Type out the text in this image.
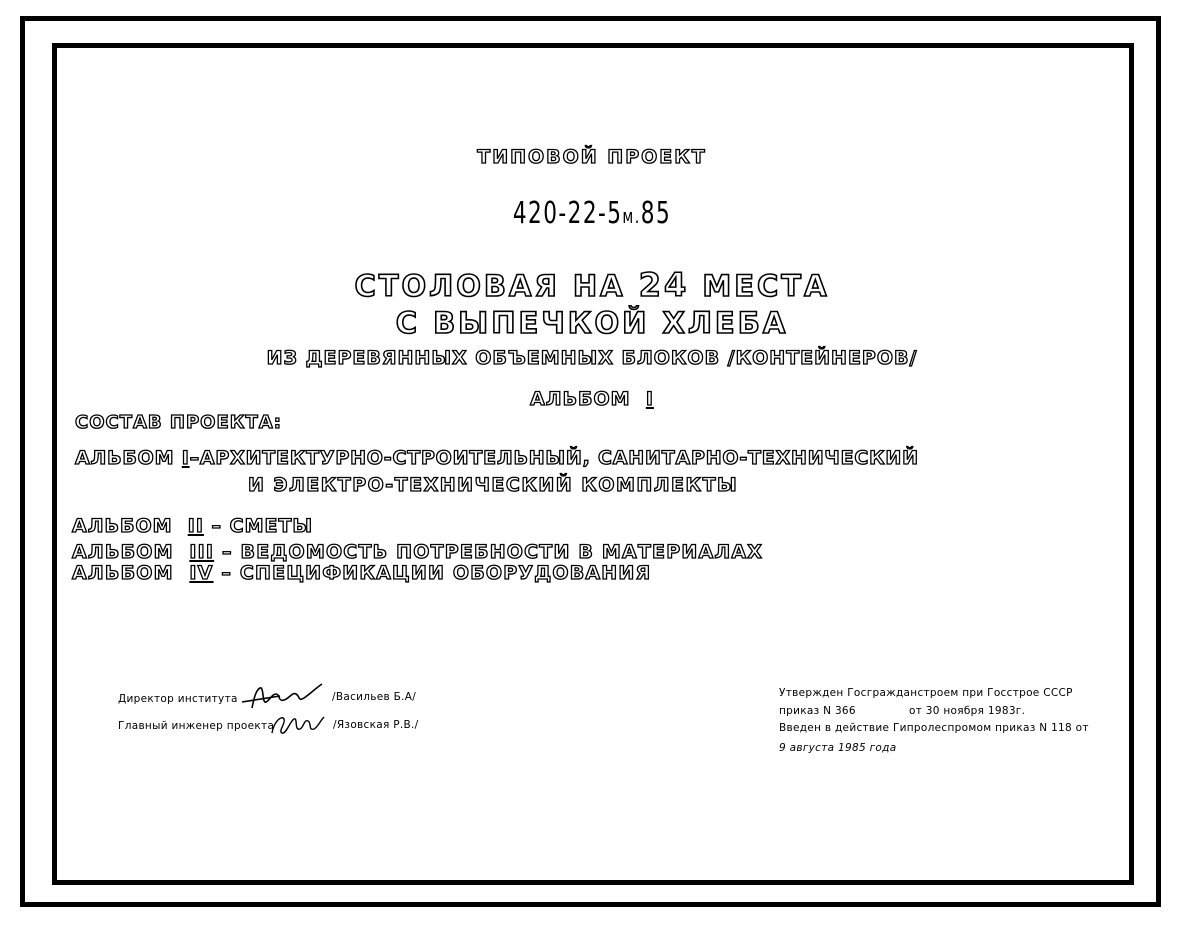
ТИПОВОЙ ПРОЕКТ
420-22-5м.85
СТОЛОВАЯ НА 24 МЕСТА
С ВЫПЕЧКОЙ ХЛЕБА
ИЗ ДЕРЕВЯННЫХ ОБЪЕМНЫХ БЛОКОВ /КОНТЕЙНЕРОВ/
АЛЬБОМ I
СОСТАВ ПРОЕКТА:
АЛЬБОМ I–АРХИТЕКТУРНО-СТРОИТЕЛЬНЫЙ, САНИТАРНО-ТЕХНИЧЕСКИЙ
И ЭЛЕКТРО-ТЕХНИЧЕСКИЙ КОМПЛЕКТЫ
АЛЬБОМ II – СМЕТЫ
АЛЬБОМ III – ВЕДОМОСТЬ ПОТРЕБНОСТИ В МАТЕРИАЛАХ
АЛЬБОМ IV – СПЕЦИФИКАЦИИ ОБОРУДОВАНИЯ
Директор института	/Васильев Б.А/
Главный инженер проекта	/Язовская Р.В./
Утвержден Госгражданстроем при Госстрое СССР
приказ N 366	от 30 ноября 1983г.
Введен в действие Гипролеспромом приказ N 118 от
9 августа 1985 года
